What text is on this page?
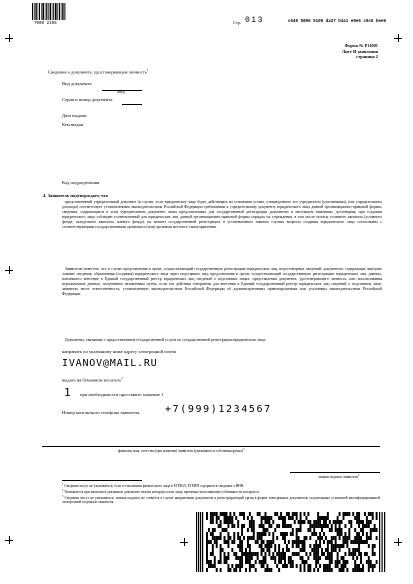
7000 2195	Стр. 013	c649 5806 5109 da27 b3a1 e9e5 c9c6 bee6
Форма № Р11001
Лист И заявления
страница 2
Сведения о документе, удостоверяющем личность$^1$
Вид документа
(вид)
Серия и номер документа
Дата выдачи
Кем выдан
Код подразделения
4. Заявитель подтверждает, что
представленный учредительный документ (в случае, если юридическое лицо будет действовать на основании устава, утвержденного его учредителем (участниками), или учредительного договора) соответствует установленным законодательством Российской Федерации требованиям к учредительному документу юридического лица данной организационно-правовой формы; сведения, содержащиеся в этом учредительном документе, иных представленных для государственной регистрации документах и настоящем заявлении, достоверны; при создании юридического лица соблюден установленный для юридических лиц данной организационно-правовой формы порядок их учреждения, в том числе оплаты уставного капитала (уставного фонда, складочного капитала, паевого фонда), на момент государственной регистрации; в установленных законом случаях вопросы создания юридического лица согласованы с соответствующими государственными органами и (или) органами местного самоуправления.
Заявителю известно, что в случае представления в орган, осуществляющий государственную регистрацию юридических лиц, недостоверных сведений; документов, содержащих заведомо ложные сведения; образования (создания) юридического лица через подставных лиц; представления в орган, осуществляющий государственную регистрацию юридических лиц, данных, повлекшего внесение в Единый государственный реестр юридических лиц сведений о подставных лицах; представления документа, удостоверяющего личность, или использования персональных данных, полученных незаконным путем, если эти действия совершены для внесения в Единый государственный реестр юридических лиц сведений о подставном лице, заявитель несет ответственность, установленную законодательством Российской Федерации об административных правонарушениях или уголовным законодательством Российской Федерации.
Документы, связанные с предоставлением государственной услуги по государственной регистрации юридического лица,
направить по указанному ниже адресу электронной почты
IVANOV@MAIL.RU
выдать на бумажном носителе$^2$
1 при необходимости проставить значение 1
Номер контактного телефона заявителя	+7(999)1234567
фамилия, имя, отчество (при наличии) заявителя (указываются собственноручно)$^3$
личная подпись заявителя$^3$
$^1$ Сведения могут не указываться, если в отношении физического лица в ЕГРЮЛ, ЕГРИП содержатся сведения о ИНН.
$^2$ Указывается при наличии в указанном документе печати нотариуса или лица, временно исполняющего обязанности нотариуса.
$^3$ Сведения могут не указываться, личная подпись не ставится в случае направления документов в регистрирующий орган в форме электронных документов, подписанных усиленной квалифицированной электронной подписью заявителя.
